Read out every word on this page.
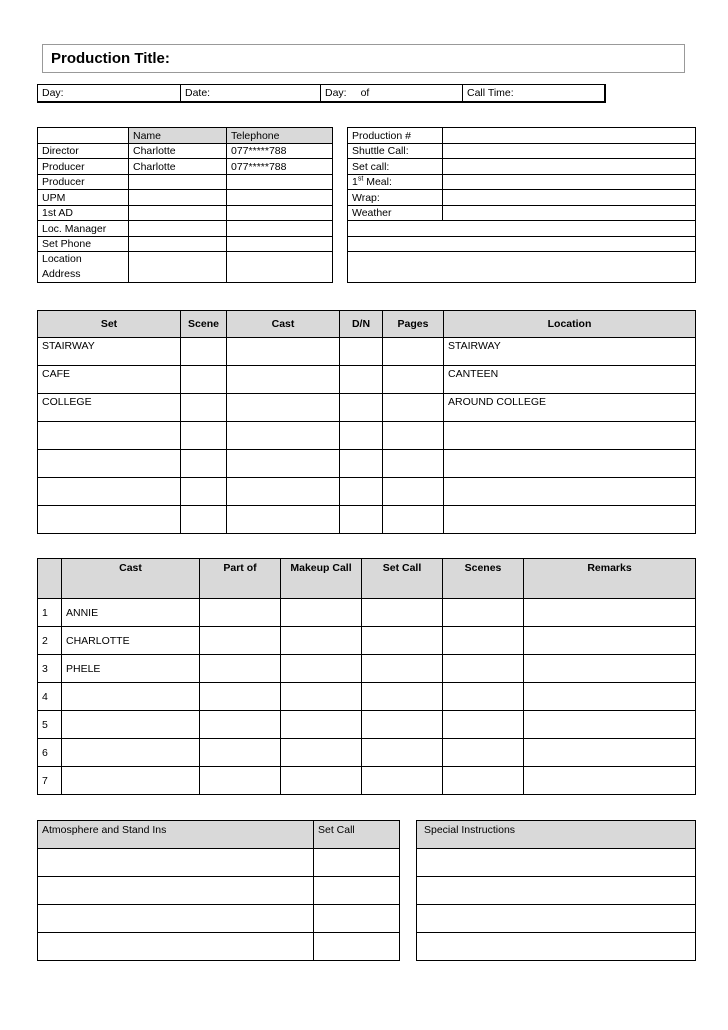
Production Title:
Day:	Date:	Day: of	Call Time:
	Name	Telephone
Director	Charlotte	077*****788
Producer	Charlotte	077*****788
Producer		
UPM		
1st AD		
Loc. Manager		
Set Phone		
Location
Address		
Production #	
Shuttle Call:	
Set call:	
1st Meal:	
Wrap:	
Weather	

Set	Scene	Cast	D/N	Pages	Location
STAIRWAY					STAIRWAY
CAFE					CANTEEN
COLLEGE					AROUND COLLEGE

	Cast	Part of	Makeup Call	Set Call	Scenes	Remarks
1	ANNIE					
2	CHARLOTTE					
3	PHELE					
4						
5						
6						
7						
Atmosphere and Stand Ins	Set Call

		Special Instructions
